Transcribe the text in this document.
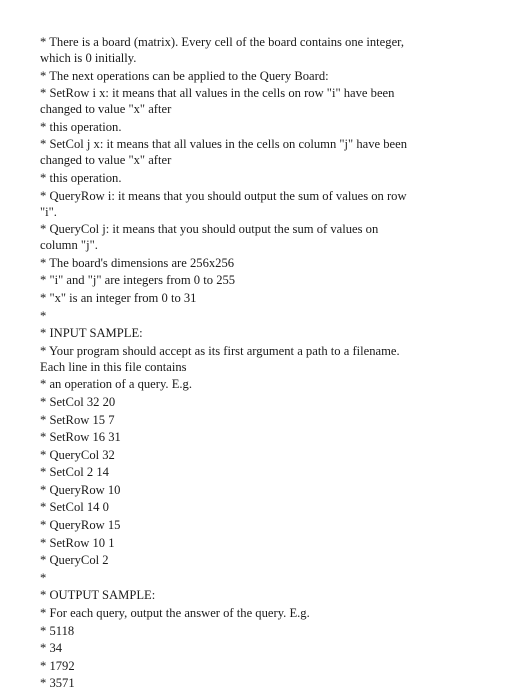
* There is a board (matrix). Every cell of the board contains one integer,

which is 0 initially.

* The next operations can be applied to the Query Board:

* SetRow i x: it means that all values in the cells on row "i" have been

changed to value "x" after

* this operation.

* SetCol j x: it means that all values in the cells on column "j" have been

changed to value "x" after

* this operation.

* QueryRow i: it means that you should output the sum of values on row

"i".

* QueryCol j: it means that you should output the sum of values on

column "j".

* The board's dimensions are 256x256

* "i" and "j" are integers from 0 to 255

* "x" is an integer from 0 to 31

*

* INPUT SAMPLE:

* Your program should accept as its first argument a path to a filename.

Each line in this file contains

* an operation of a query. E.g.

* SetCol 32 20

* SetRow 15 7

* SetRow 16 31

* QueryCol 32

* SetCol 2 14

* QueryRow 10

* SetCol 14 0

* QueryRow 15

* SetRow 10 1

* QueryCol 2

*

* OUTPUT SAMPLE:

* For each query, output the answer of the query. E.g.

* 5118

* 34

* 1792

* 3571
